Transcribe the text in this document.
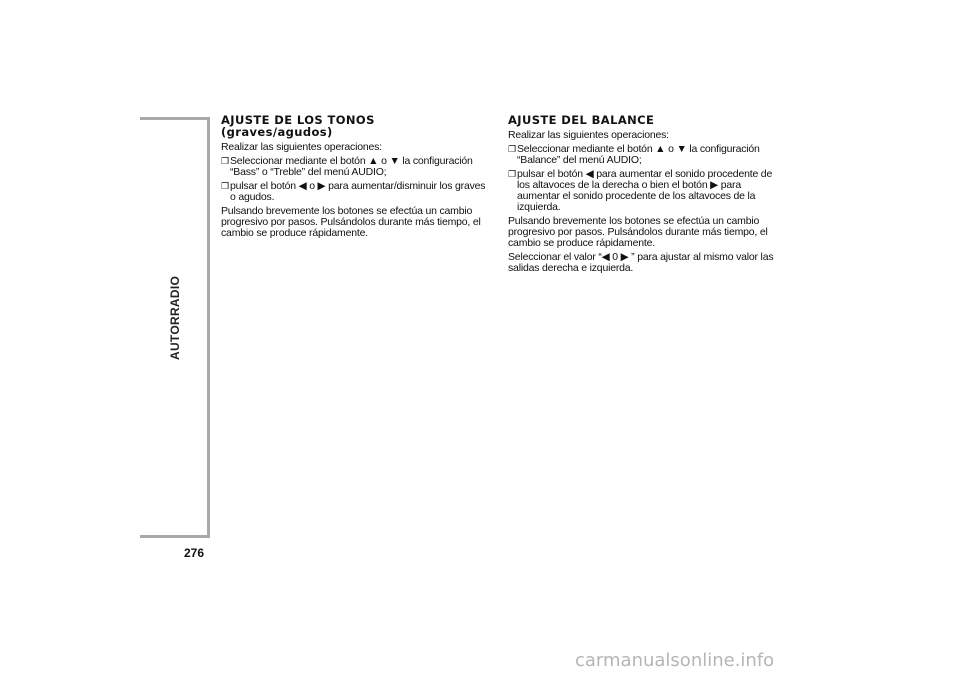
AUTORRADIO
276
AJUSTE DE LOS TONOS
(graves/agudos)

Realizar las siguientes operaciones:

❐ Seleccionar mediante el botón ▲ o ▼ la configuración “Bass” o “Treble” del menú AUDIO;
❐ pulsar el botón ◀ o ▶ para aumentar/disminuir los graves o agudos.

Pulsando brevemente los botones se efectúa un cambio progresivo por pasos. Pulsándolos durante más tiempo, el cambio se produce rápidamente.

AJUSTE DEL BALANCE

Realizar las siguientes operaciones:

❐ Seleccionar mediante el botón ▲ o ▼ la configuración “Balance” del menú AUDIO;
❐ pulsar el botón ◀ para aumentar el sonido procedente de los altavoces de la derecha o bien el botón ▶ para aumentar el sonido procedente de los altavoces de la izquierda.

Pulsando brevemente los botones se efectúa un cambio progresivo por pasos. Pulsándolos durante más tiempo, el cambio se produce rápidamente.

Seleccionar el valor “◀ 0 ▶ ” para ajustar al mismo valor las salidas derecha e izquierda.

carmanualsonline.info
